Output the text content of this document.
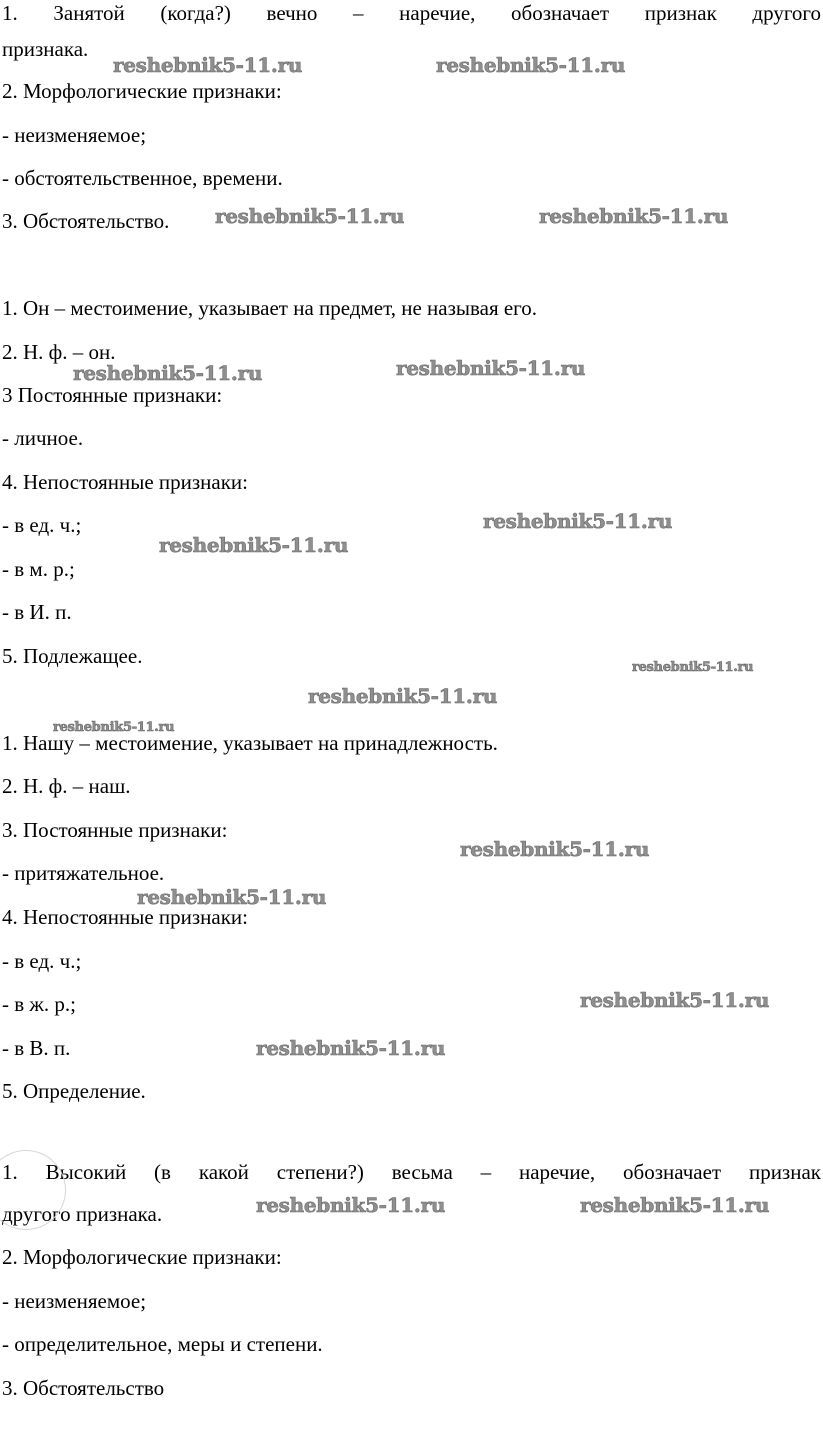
1. Занятой (когда?) вечно – наречие, обозначает признак другого
признака.
2. Морфологические признаки:
- неизменяемое;
- обстоятельственное, времени.
3. Обстоятельство.
1. Он – местоимение, указывает на предмет, не называя его.
2. Н. ф. – он.
3 Постоянные признаки:
- личное.
4. Непостоянные признаки:
- в ед. ч.;
- в м. р.;
- в И. п.
5. Подлежащее.
1. Нашу – местоимение, указывает на принадлежность.
2. Н. ф. – наш.
3. Постоянные признаки:
- притяжательное.
4. Непостоянные признаки:
- в ед. ч.;
- в ж. р.;
- в В. п.
5. Определение.
1. Высокий (в какой степени?) весьма – наречие, обозначает признак
другого признака.
2. Морфологические признаки:
- неизменяемое;
- определительное, меры и степени.
3. Обстоятельство
reshebnik5-11.ru	reshebnik5-11.ru
reshebnik5-11.ru	reshebnik5-11.ru
reshebnik5-11.ru	reshebnik5-11.ru
reshebnik5-11.ru
reshebnik5-11.ru
reshebnik5-11.ru
reshebnik5-11.ru
reshebnik5-11.ru
reshebnik5-11.ru
reshebnik5-11.ru
reshebnik5-11.ru
reshebnik5-11.ru
reshebnik5-11.ru	reshebnik5-11.ru
